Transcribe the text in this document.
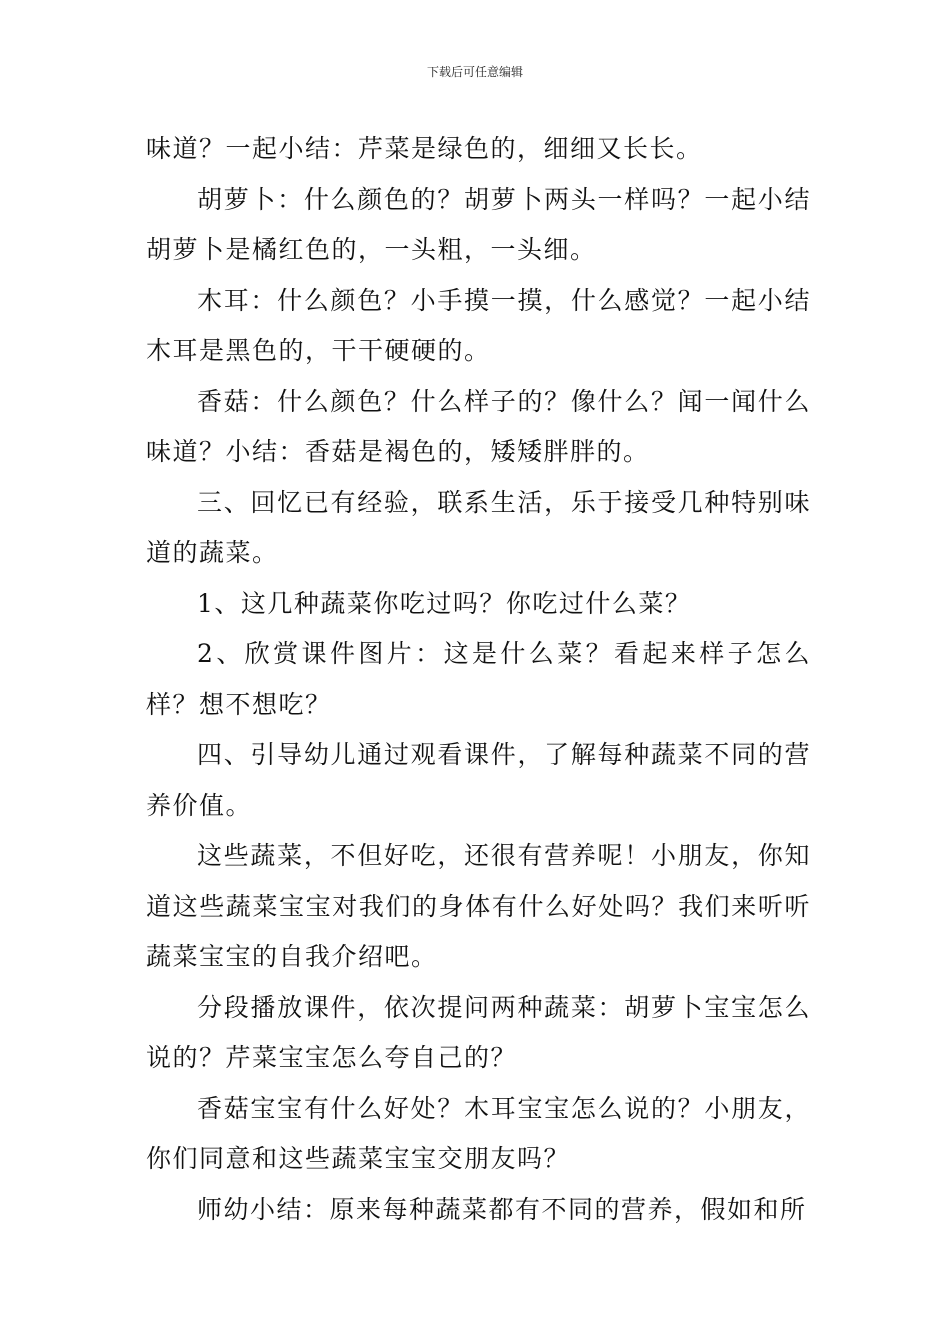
下载后可任意编辑

味道？一起小结：芹菜是绿色的，细细又长长。

胡萝卜：什么颜色的？胡萝卜两头一样吗？一起小结胡萝卜是橘红色的，一头粗，一头细。

木耳：什么颜色？小手摸一摸，什么感觉？一起小结木耳是黑色的，干干硬硬的。

香菇：什么颜色？什么样子的？像什么？闻一闻什么味道？小结：香菇是褐色的，矮矮胖胖的。

三、回忆已有经验，联系生活，乐于接受几种特别味道的蔬菜。

1、这几种蔬菜你吃过吗？你吃过什么菜？

2、欣赏课件图片：这是什么菜？看起来样子怎么样？想不想吃？

四、引导幼儿通过观看课件，了解每种蔬菜不同的营养价值。

这些蔬菜，不但好吃，还很有营养呢！小朋友，你知道这些蔬菜宝宝对我们的身体有什么好处吗？我们来听听蔬菜宝宝的自我介绍吧。

分段播放课件，依次提问两种蔬菜：胡萝卜宝宝怎么说的？芹菜宝宝怎么夸自己的？

香菇宝宝有什么好处？木耳宝宝怎么说的？小朋友，你们同意和这些蔬菜宝宝交朋友吗？

师幼小结：原来每种蔬菜都有不同的营养，假如和所
